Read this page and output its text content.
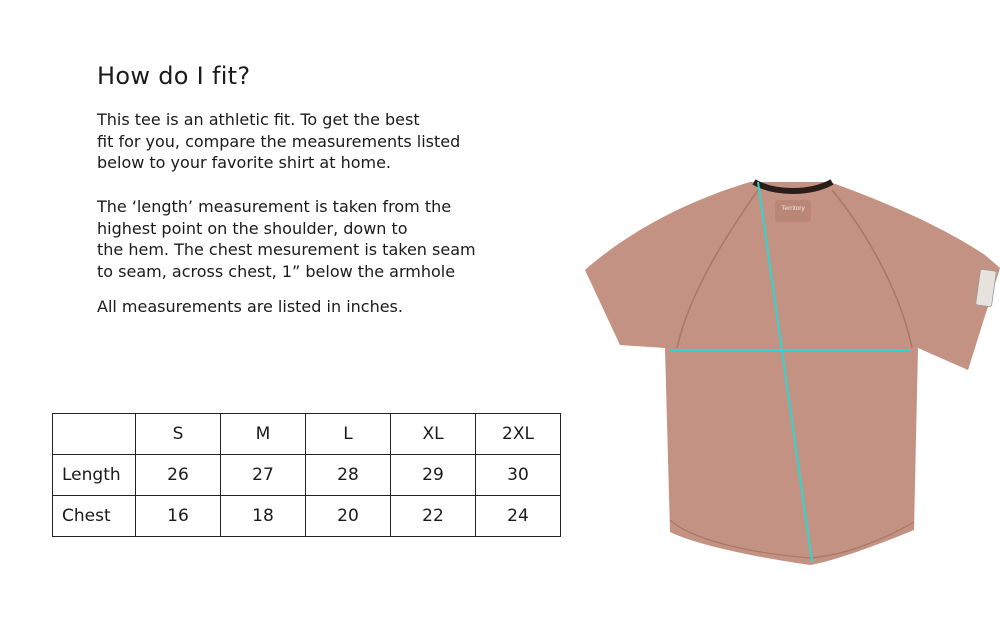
How do I fit?

This tee is an athletic fit. To get the best
fit for you, compare the measurements listed
below to your favorite shirt at home.

The ‘length’ measurement is taken from the
highest point on the shoulder, down to
the hem. The chest mesurement is taken seam
to seam, across chest, 1” below the armhole

All measurements are listed in inches.

	S	M	L	XL	2XL
Length	26	27	28	29	30
Chest	16	18	20	22	24
Territory
